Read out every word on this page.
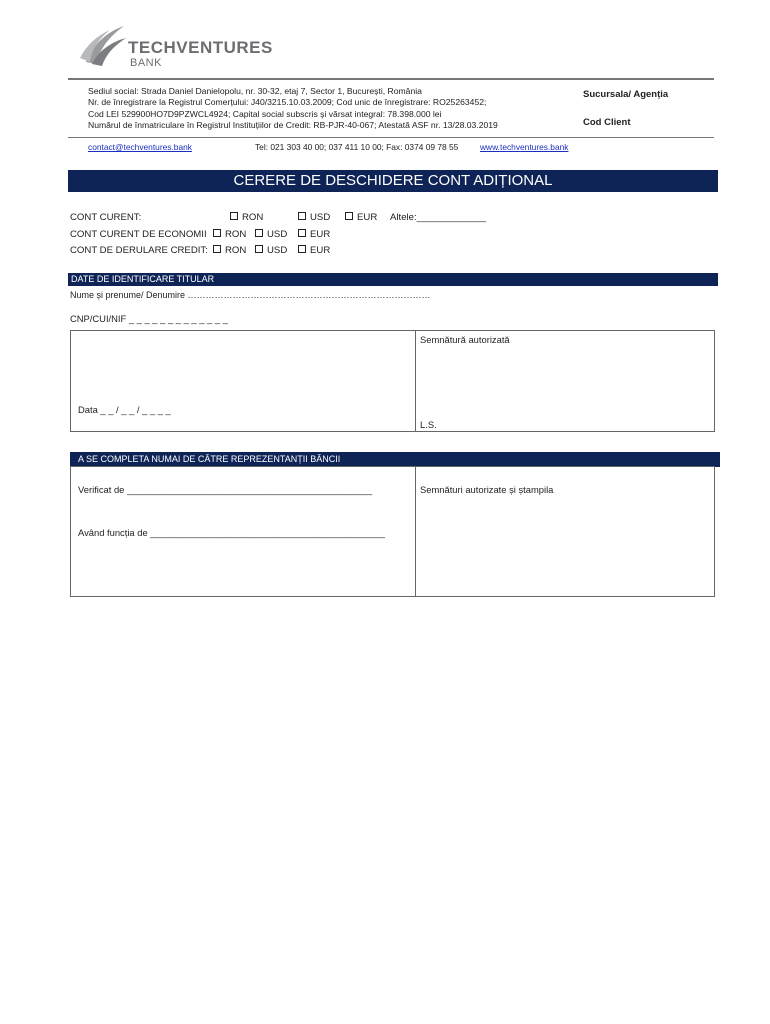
TECHVENTURES
BANK
Sediul social: Strada Daniel Danielopolu, nr. 30-32, etaj 7, Sector 1, București, România
Nr. de înregistrare la Registrul Comerțului: J40/3215.10.03.2009; Cod unic de înregistrare: RO25263452;
Cod LEI 529900HO7D9PZWCL4924; Capital social subscris și vărsat integral: 78.398.000 lei
Numărul de înmatriculare în Registrul Instituțiilor de Credit: RB-PJR-40-067; Atestată ASF nr. 13/28.03.2019
Sucursala/ Agenția
Cod Client
contact@techventures.bank	Tel: 021 303 40 00; 037 411 10 00; Fax: 0374 09 78 55	www.techventures.bank
CERERE DE DESCHIDERE CONT ADIȚIONAL
CONT CURENT:	RON	USD	EUR Altele:_____________
CONT CURENT DE ECONOMII	RON	USD	EUR
CONT DE DERULARE CREDIT:	RON	USD	EUR
DATE DE IDENTIFICARE TITULAR
Nume și prenume/ Denumire ………………………………………………………………………
CNP/CUI/NIF _ _ _ _ _ _ _ _ _ _ _ _ _
Semnătură autorizată
Data _ _ / _ _ / _ _ _ _
L.S.
A SE COMPLETA NUMAI DE CĂTRE REPREZENTANȚII BĂNCII
Verificat de _______________________________________________
Având funcția de _____________________________________________
Semnături autorizate și ștampila
